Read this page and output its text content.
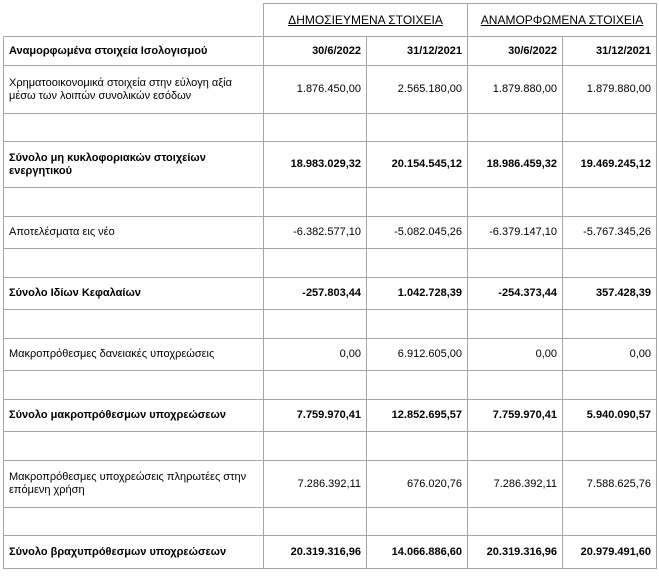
	ΔΗΜΟΣΙΕΥΜΕΝΑ ΣΤΟΙΧΕΙΑ		ΑΝΑΜΟΡΦΩΜΕΝΑ ΣΤΟΙΧΕΙΑ	
Αναμορφωμένα στοιχεία Ισολογισμού	30/6/2022	31/12/2021	30/6/2022	31/12/2021
Χρηματοοικονομικά στοιχεία στην εύλογη αξία μέσω των λοιπών συνολικών εσόδων	1.876.450,00	2.565.180,00	1.879.880,00	1.879.880,00

Σύνολο μη κυκλοφοριακών στοιχείων ενεργητικού	18.983.029,32	20.154.545,12	18.986.459,32	19.469.245,12

Αποτελέσματα εις νέο	-6.382.577,10	-5.082.045,26	-6.379.147,10	-5.767.345,26

Σύνολο Ιδίων Κεφαλαίων	-257.803,44	1.042.728,39	-254.373,44	357.428,39

Μακροπρόθεσμες δανειακές υποχρεώσεις	0,00	6.912.605,00	0,00	0,00

Σύνολο μακροπρόθεσμων υποχρεώσεων	7.759.970,41	12.852.695,57	7.759.970,41	5.940.090,57

Μακροπρόθεσμες υποχρεώσεις πληρωτέες στην επόμενη χρήση	7.286.392,11	676.020,76	7.286.392,11	7.588.625,76

Σύνολο βραχυπρόθεσμων υποχρεώσεων	20.319.316,96	14.066.886,60	20.319.316,96	20.979.491,60
